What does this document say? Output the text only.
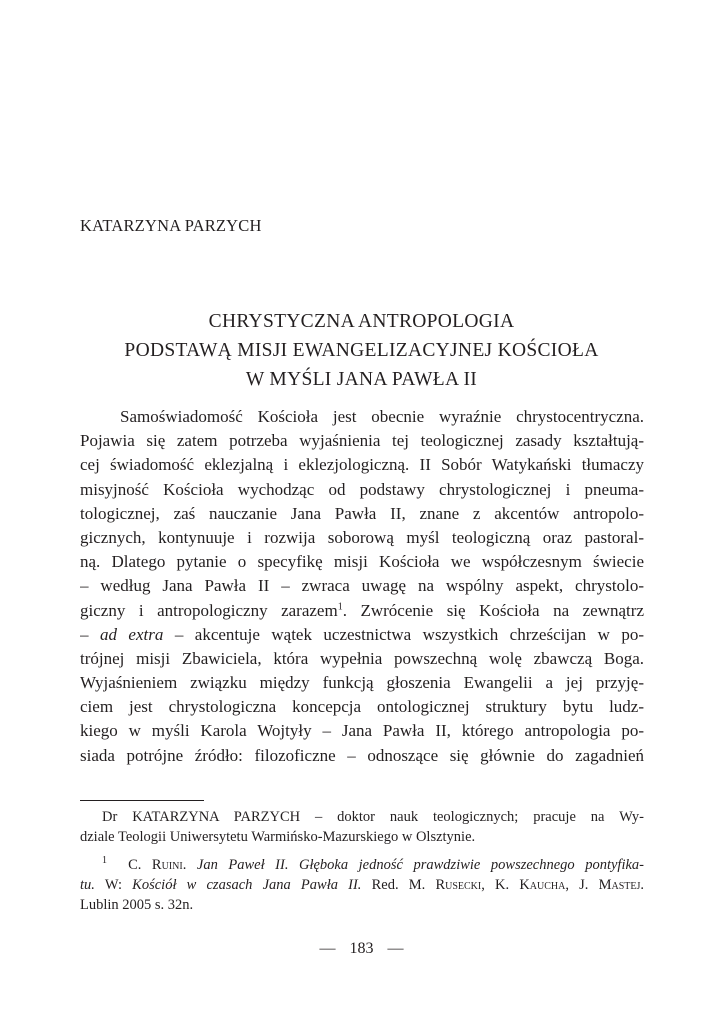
KATARZYNA PARZYCH
CHRYSTYCZNA ANTROPOLOGIA
PODSTAWĄ MISJI EWANGELIZACYJNEJ KOŚCIOŁA
W MYŚLI JANA PAWŁA II
Samoświadomość Kościoła jest obecnie wyraźnie chrystocentryczna.
Pojawia się zatem potrzeba wyjaśnienia tej teologicznej zasady kształtują-
cej świadomość eklezjalną i eklezjologiczną. II Sobór Watykański tłumaczy
misyjność Kościoła wychodząc od podstawy chrystologicznej i pneuma-
tologicznej, zaś nauczanie Jana Pawła II, znane z akcentów antropolo-
gicznych, kontynuuje i rozwija soborową myśl teologiczną oraz pastoral-
ną. Dlatego pytanie o specyfikę misji Kościoła we współczesnym świecie
– według Jana Pawła II – zwraca uwagę na wspólny aspekt, chrystolo-
giczny i antropologiczny zarazem$^1$. Zwrócenie się Kościoła na zewnątrz
– ad extra – akcentuje wątek uczestnictwa wszystkich chrześcijan w po-
trójnej misji Zbawiciela, która wypełnia powszechną wolę zbawczą Boga.
Wyjaśnieniem związku między funkcją głoszenia Ewangelii a jej przyję-
ciem jest chrystologiczna koncepcja ontologicznej struktury bytu ludz-
kiego w myśli Karola Wojtyły – Jana Pawła II, którego antropologia po-
siada potrójne źródło: filozoficzne – odnoszące się głównie do zagadnień
Dr KATARZYNA PARZYCH – doktor nauk teologicznych; pracuje na Wy-
dziale Teologii Uniwersytetu Warmińsko-Mazurskiego w Olsztynie.
$^1$ C. Ruini. Jan Paweł II. Głęboka jedność prawdziwie powszechnego pontyfika-
tu. W: Kościół w czasach Jana Pawła II. Red. M. Rusecki, K. Kaucha, J. Mastej.
Lublin 2005 s. 32n.
— 183 —
